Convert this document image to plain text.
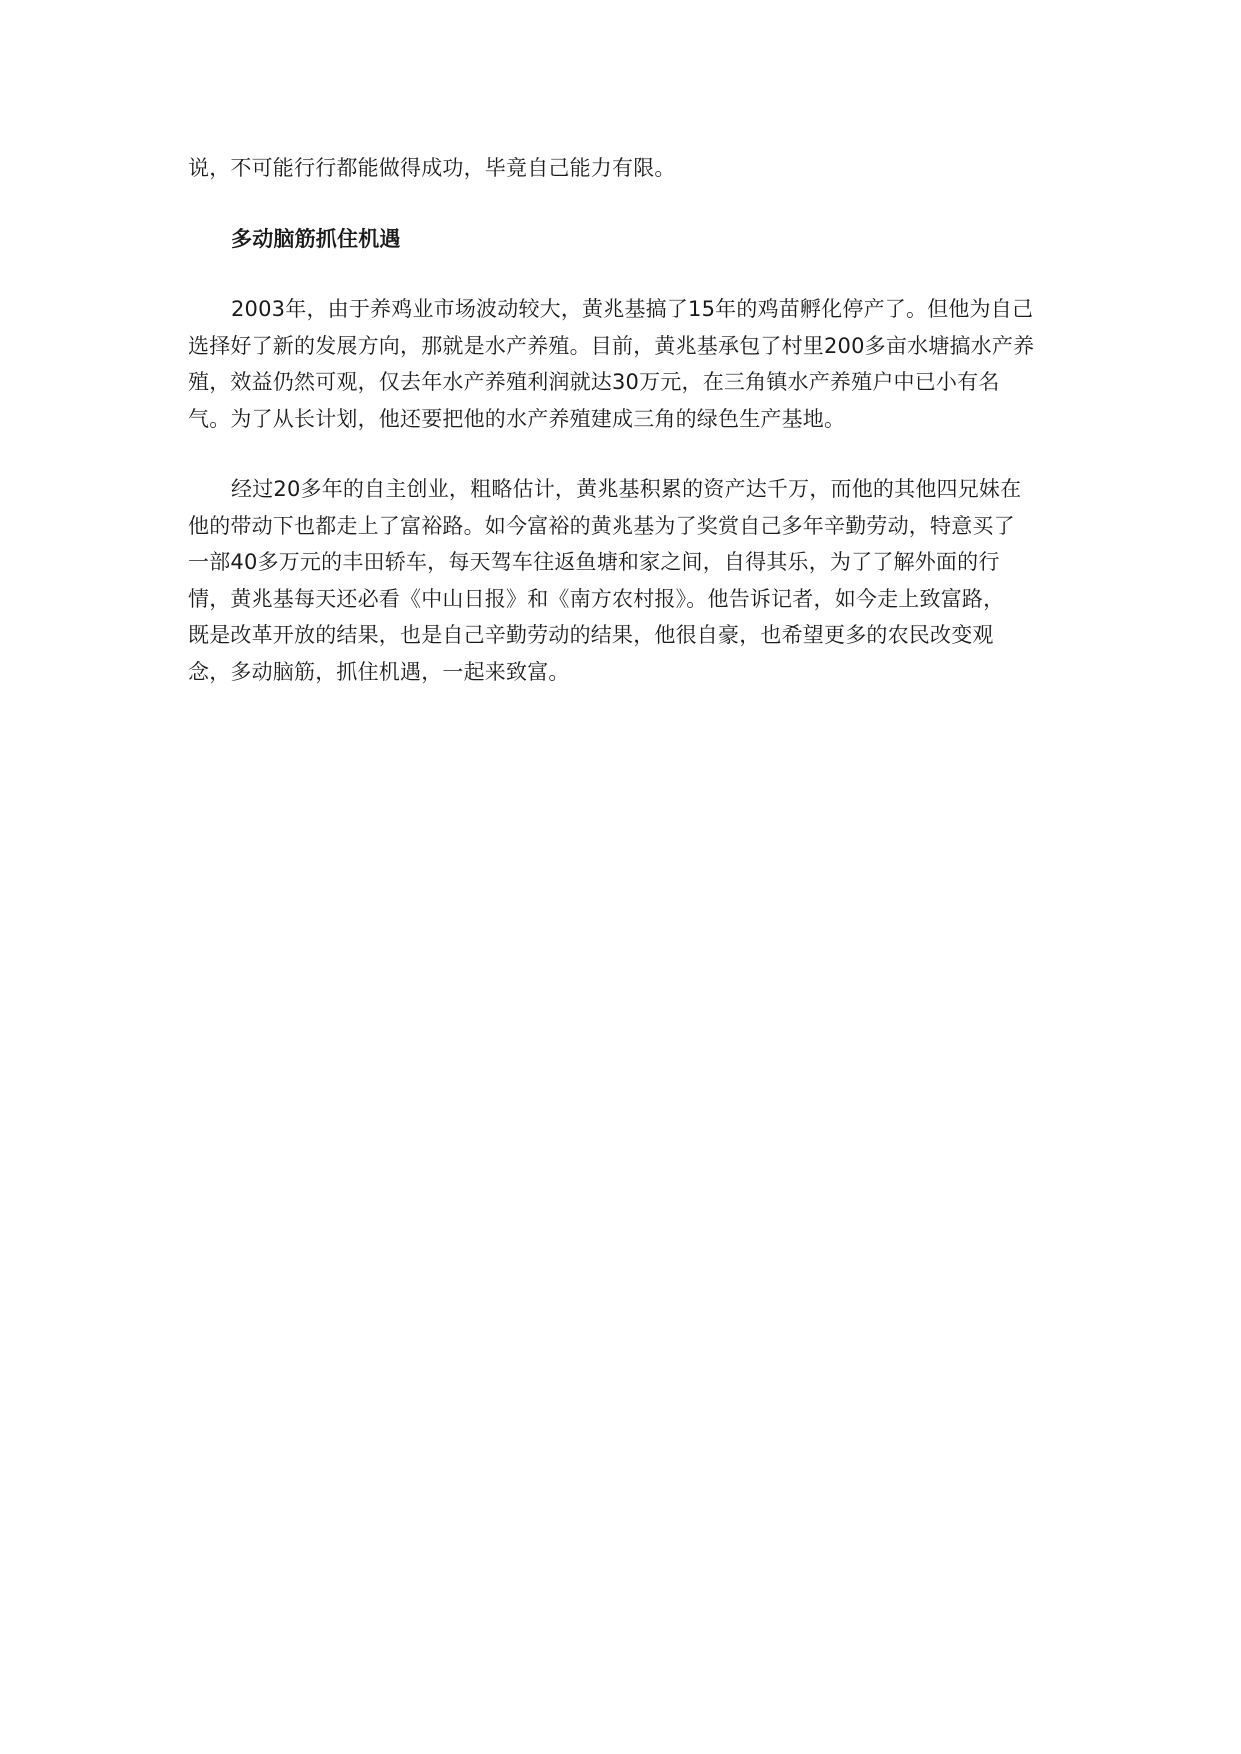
说，不可能行行都能做得成功，毕竟自己能力有限。

多动脑筋抓住机遇

2003年，由于养鸡业市场波动较大，黄兆基搞了15年的鸡苗孵化停产了。但他为自己
选择好了新的发展方向，那就是水产养殖。目前，黄兆基承包了村里200多亩水塘搞水产养
殖，效益仍然可观，仅去年水产养殖利润就达30万元，在三角镇水产养殖户中已小有名
气。为了从长计划，他还要把他的水产养殖建成三角的绿色生产基地。

经过20多年的自主创业，粗略估计，黄兆基积累的资产达千万，而他的其他四兄妹在
他的带动下也都走上了富裕路。如今富裕的黄兆基为了奖赏自己多年辛勤劳动，特意买了
一部40多万元的丰田轿车，每天驾车往返鱼塘和家之间，自得其乐，为了了解外面的行
情，黄兆基每天还必看《中山日报》和《南方农村报》。他告诉记者，如今走上致富路，
既是改革开放的结果，也是自己辛勤劳动的结果，他很自豪，也希望更多的农民改变观
念，多动脑筋，抓住机遇，一起来致富。
